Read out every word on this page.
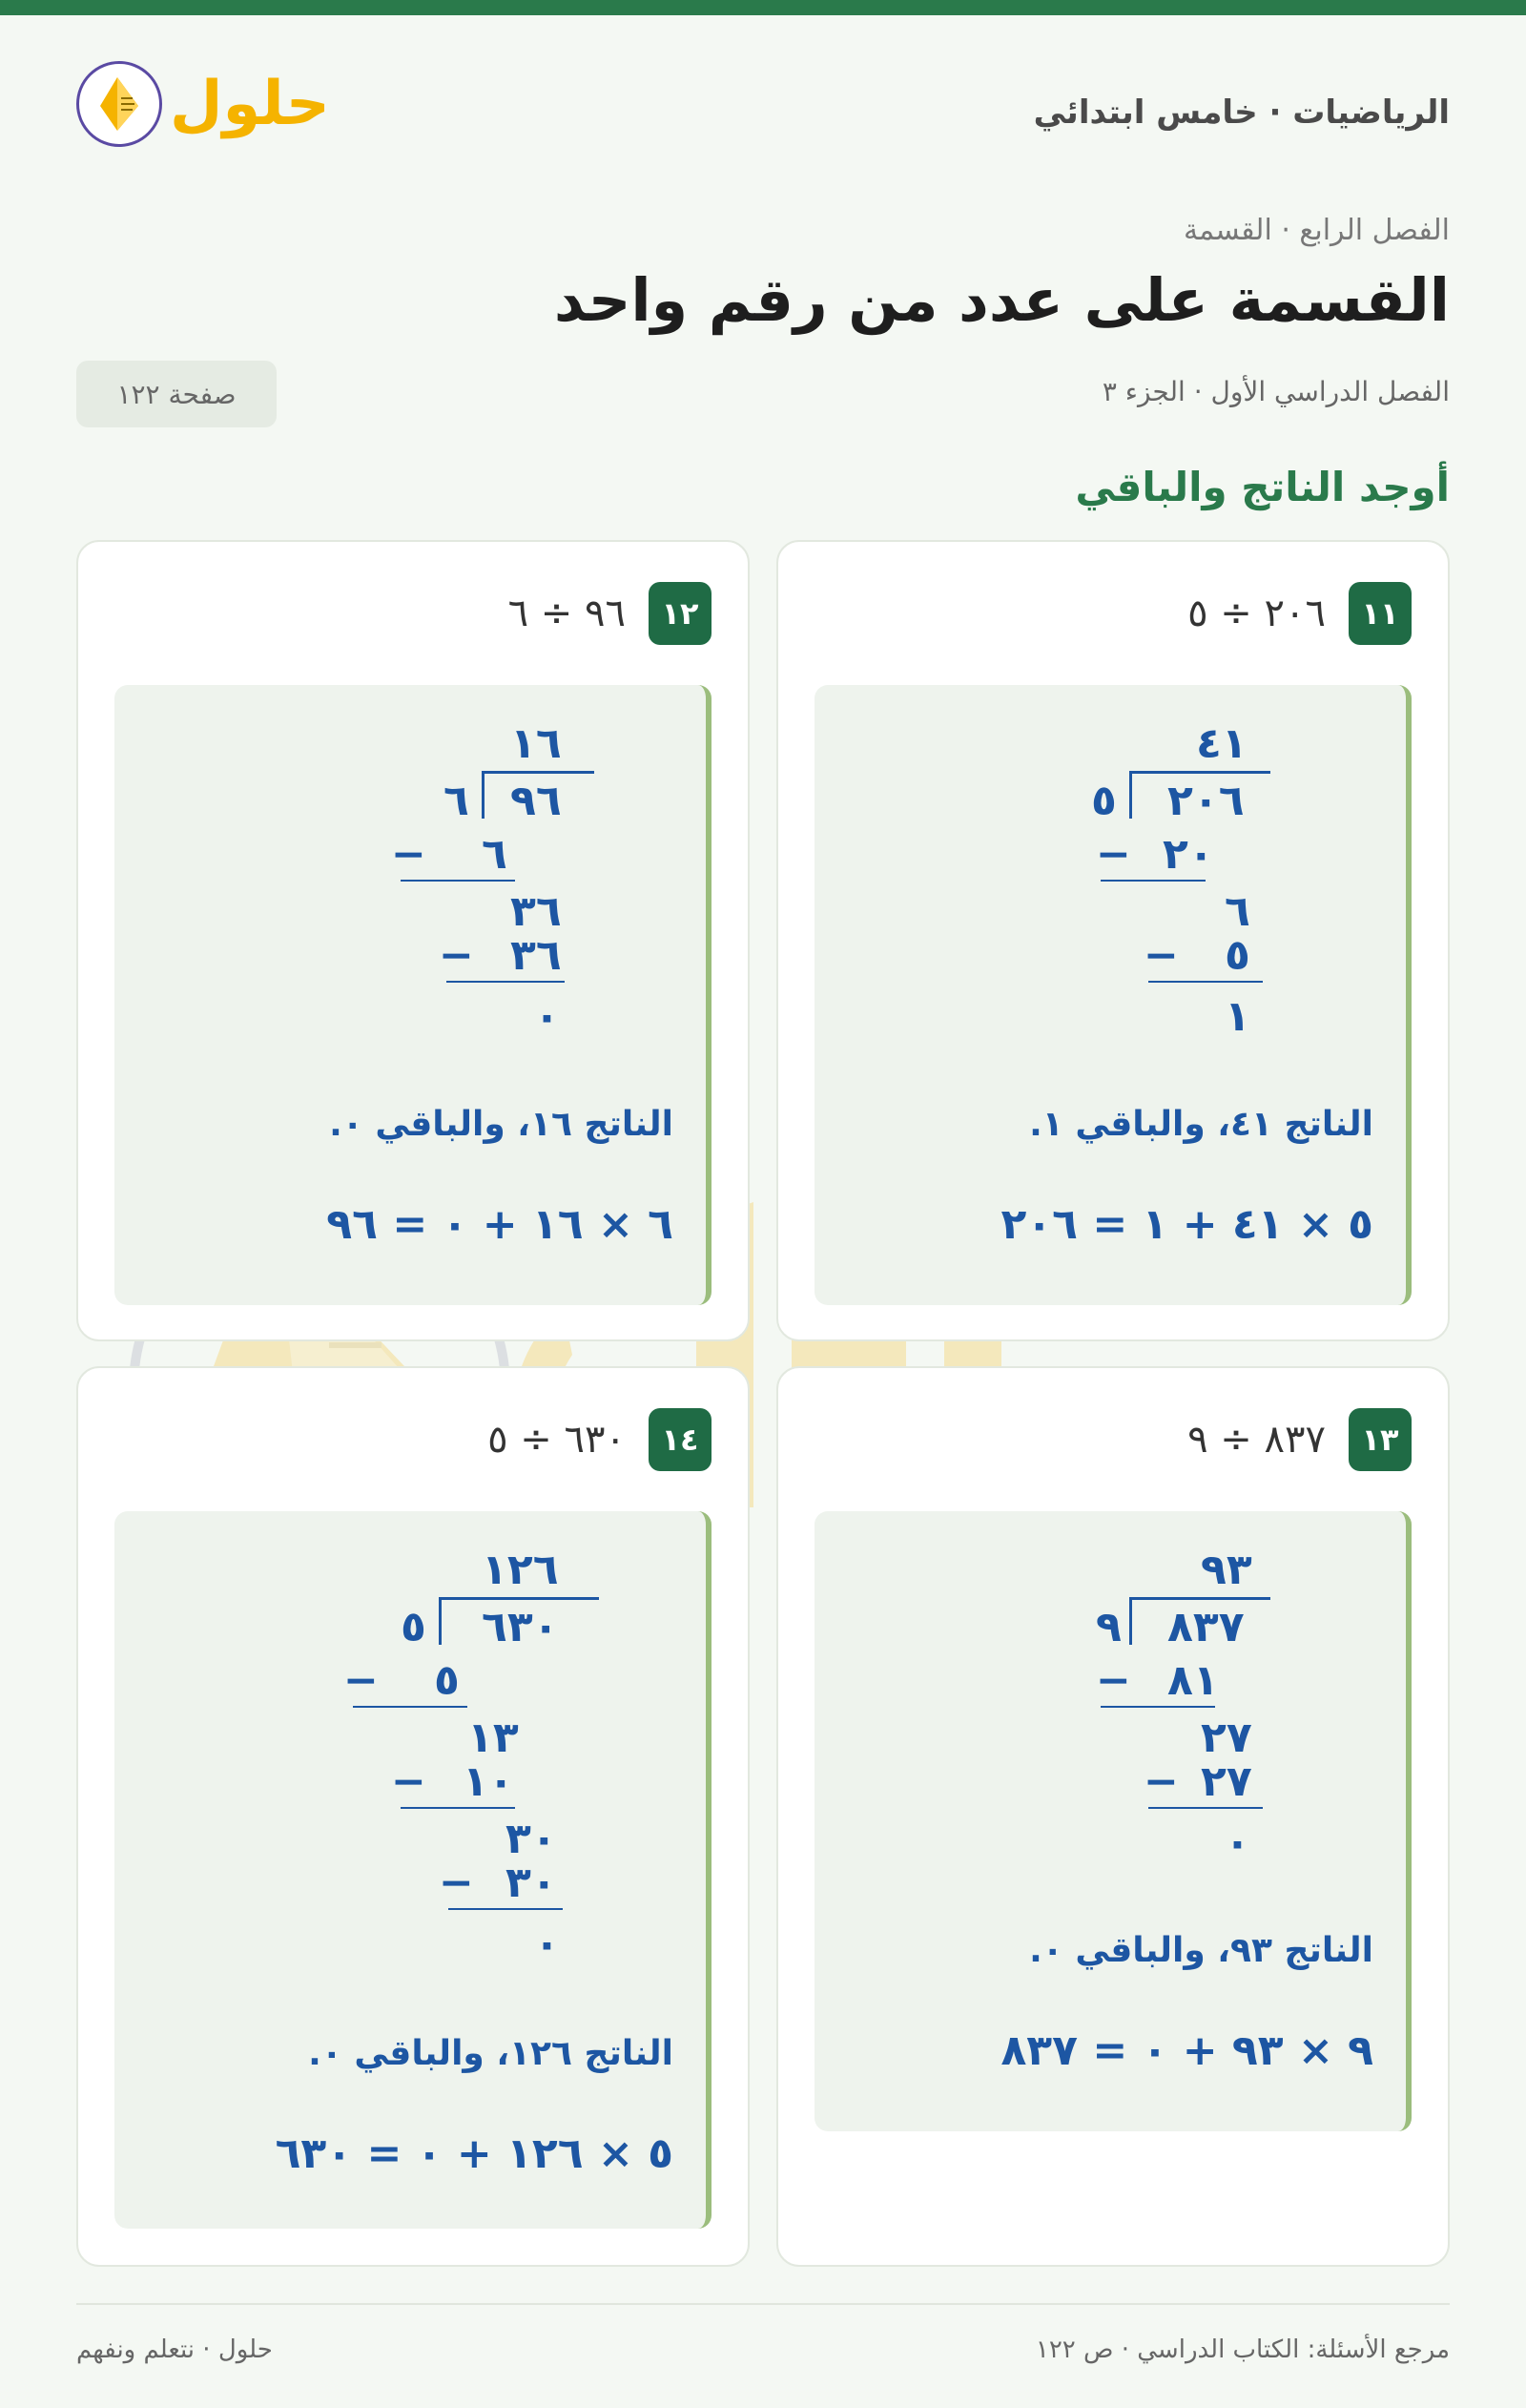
حلول	الرياضيات · خامس ابتدائي
الفصل الرابع · القسمة
القسمة على عدد من رقم واحد
الفصل الدراسي الأول · الجزء ٣
صفحة ١٢٢
أوجد الناتج والباقي
١١
٢٠٦ ÷ ٥
٤١
٥ ٢٠٦
− ٢٠
٦
− ٥
١
الناتج ٤١، والباقي ١.
٥ × ٤١ + ١ = ٢٠٦
١٢
٩٦ ÷ ٦
١٦
٦ ٩٦
− ٦
٣٦
− ٣٦
٠
الناتج ١٦، والباقي ٠.
٦ × ١٦ + ٠ = ٩٦
١٣
٨٣٧ ÷ ٩
٩٣
٩ ٨٣٧
− ٨١
٢٧
− ٢٧
٠
الناتج ٩٣، والباقي ٠.
٩ × ٩٣ + ٠ = ٨٣٧
١٤
٦٣٠ ÷ ٥
١٢٦
٥ ٦٣٠
− ٥
١٣
− ١٠
٣٠
− ٣٠
٠
الناتج ١٢٦، والباقي ٠.
٥ × ١٢٦ + ٠ = ٦٣٠
مرجع الأسئلة: الكتاب الدراسي · ص ١٢٢
حلول · نتعلم ونفهم
